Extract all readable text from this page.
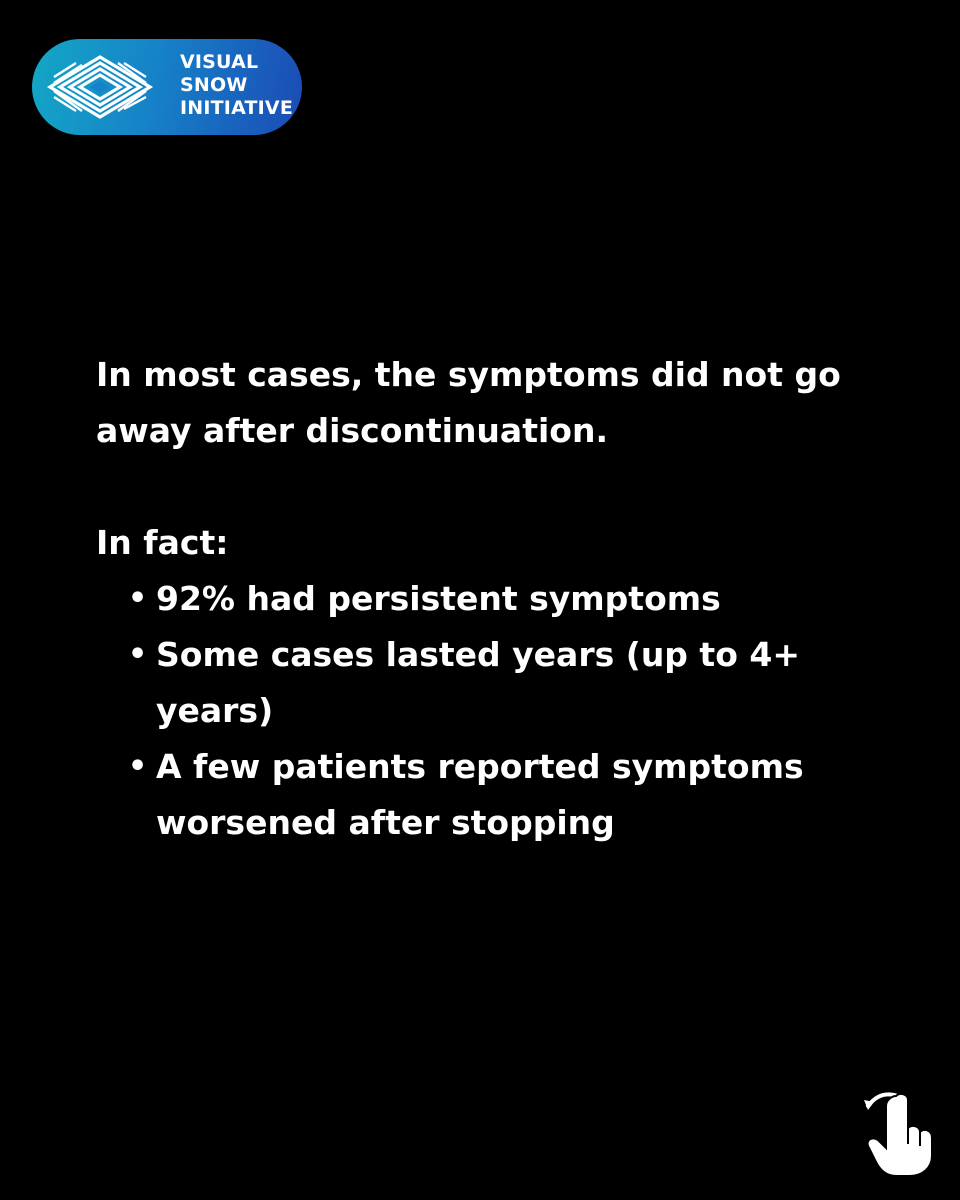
VISUAL
SNOW
INITIATIVE

In most cases, the symptoms did not go away after discontinuation.

In fact:

• 92% had persistent symptoms
• Some cases lasted years (up to 4+ years)
• A few patients reported symptoms worsened after stopping
